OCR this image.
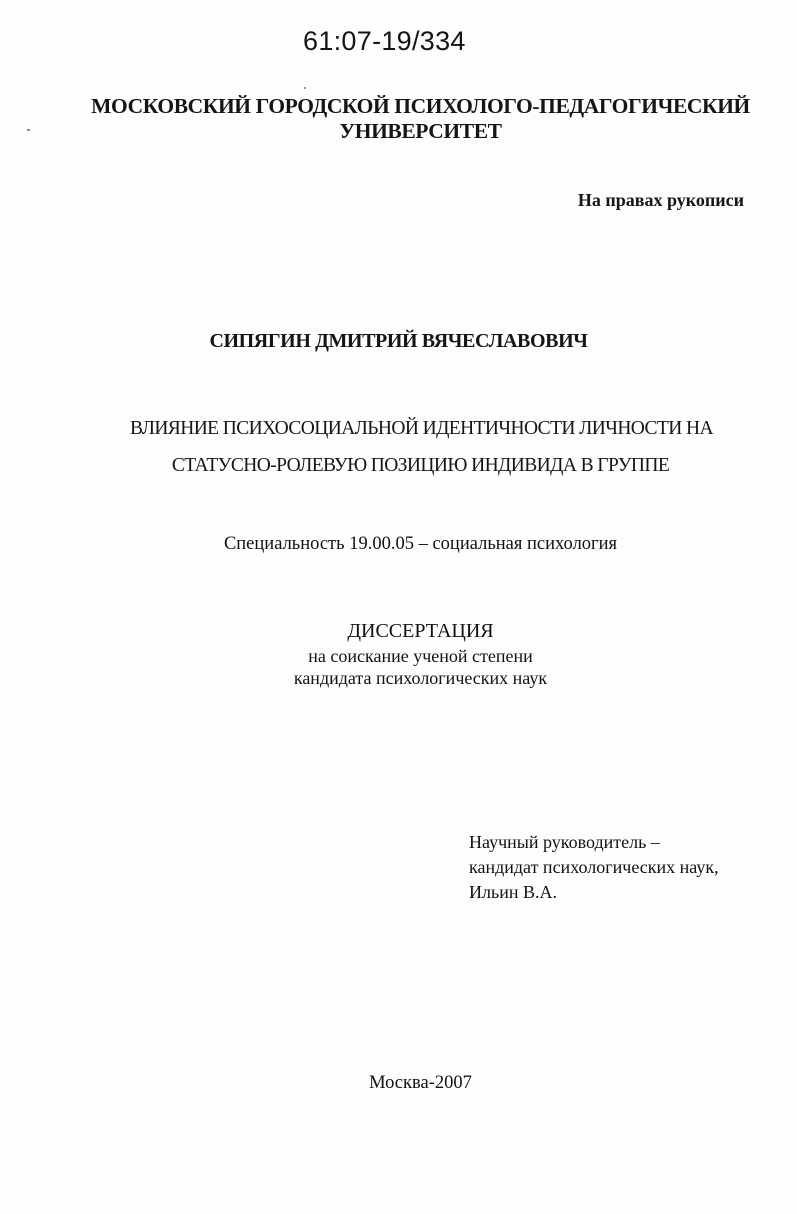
61:07-19/334
МОСКОВСКИЙ ГОРОДСКОЙ ПСИХОЛОГО-ПЕДАГОГИЧЕСКИЙ
УНИВЕРСИТЕТ
На правах рукописи
СИПЯГИН ДМИТРИЙ ВЯЧЕСЛАВОВИЧ
ВЛИЯНИЕ ПСИХОСОЦИАЛЬНОЙ ИДЕНТИЧНОСТИ ЛИЧНОСТИ НА
СТАТУСНО-РОЛЕВУЮ ПОЗИЦИЮ ИНДИВИДА В ГРУППЕ
Специальность 19.00.05 – социальная психология
ДИССЕРТАЦИЯ
на соискание ученой степени
кандидата психологических наук
Научный руководитель –
кандидат психологических наук,
Ильин В.А.
Москва-2007
